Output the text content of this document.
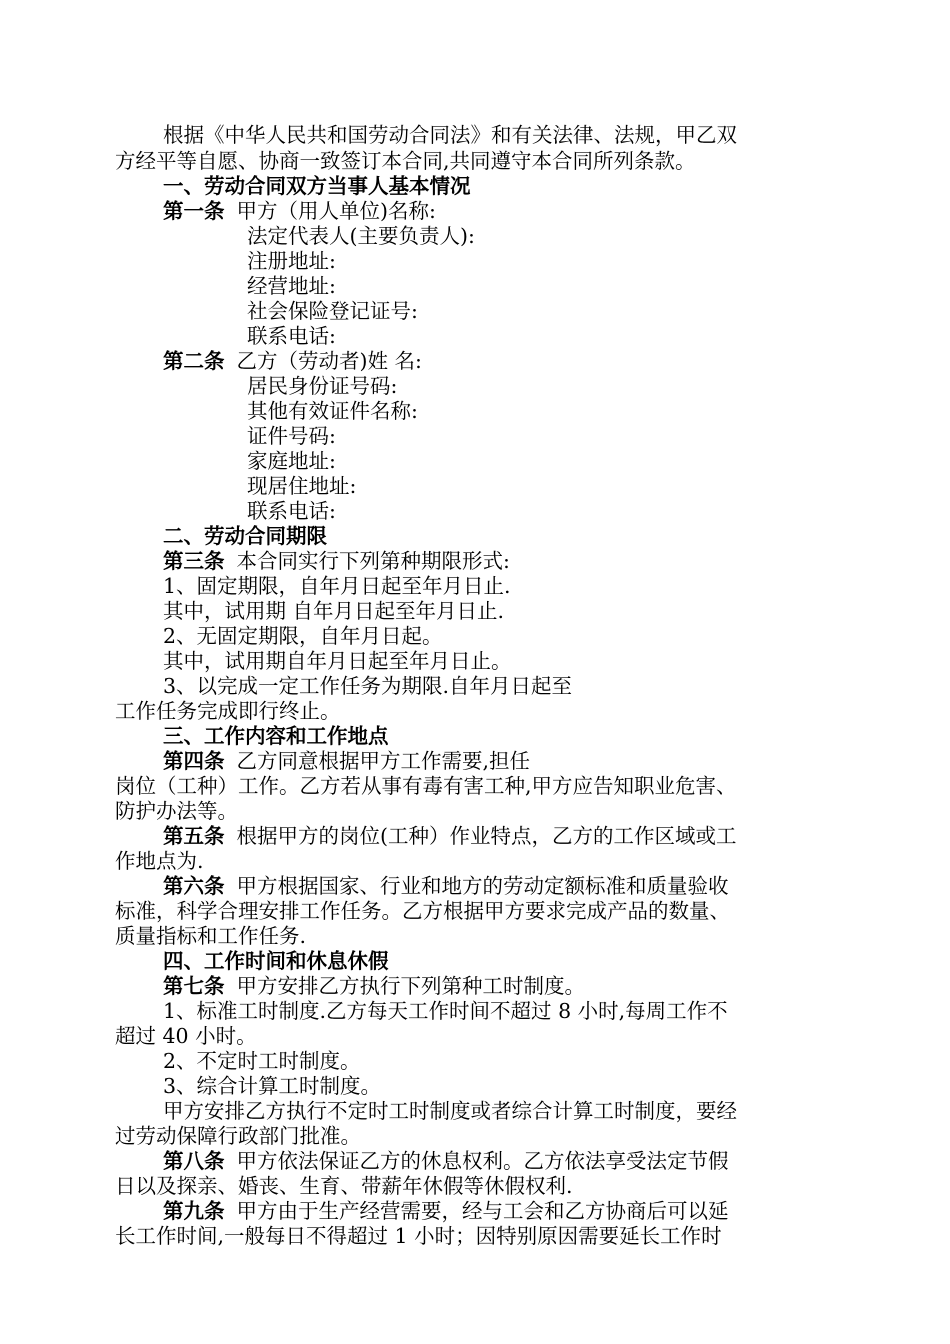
根据《中华人民共和国劳动合同法》和有关法律、法规，甲乙双
方经平等自愿、协商一致签订本合同,共同遵守本合同所列条款。
一、劳动合同双方当事人基本情况
第一条 甲方（用人单位)名称:
法定代表人(主要负责人):
注册地址:
经营地址:
社会保险登记证号:
联系电话:
第二条 乙方（劳动者)姓 名:
居民身份证号码:
其他有效证件名称:
证件号码:
家庭地址:
现居住地址:
联系电话:
二、劳动合同期限
第三条 本合同实行下列第种期限形式:
1、固定期限，自年月日起至年月日止.
其中，试用期 自年月日起至年月日止.
2、无固定期限，自年月日起。
其中，试用期自年月日起至年月日止。
3、以完成一定工作任务为期限.自年月日起至
工作任务完成即行终止。
三、工作内容和工作地点
第四条 乙方同意根据甲方工作需要,担任
岗位（工种）工作。乙方若从事有毒有害工种,甲方应告知职业危害、
防护办法等。
第五条 根据甲方的岗位(工种）作业特点，乙方的工作区域或工
作地点为.
第六条 甲方根据国家、行业和地方的劳动定额标准和质量验收
标准，科学合理安排工作任务。乙方根据甲方要求完成产品的数量、
质量指标和工作任务.
四、工作时间和休息休假
第七条 甲方安排乙方执行下列第种工时制度。
1、标准工时制度.乙方每天工作时间不超过 8 小时,每周工作不
超过 40 小时。
2、不定时工时制度。
3、综合计算工时制度。
甲方安排乙方执行不定时工时制度或者综合计算工时制度，要经
过劳动保障行政部门批准。
第八条 甲方依法保证乙方的休息权利。乙方依法享受法定节假
日以及探亲、婚丧、生育、带薪年休假等休假权利.
第九条 甲方由于生产经营需要，经与工会和乙方协商后可以延
长工作时间,一般每日不得超过 1 小时；因特别原因需要延长工作时
